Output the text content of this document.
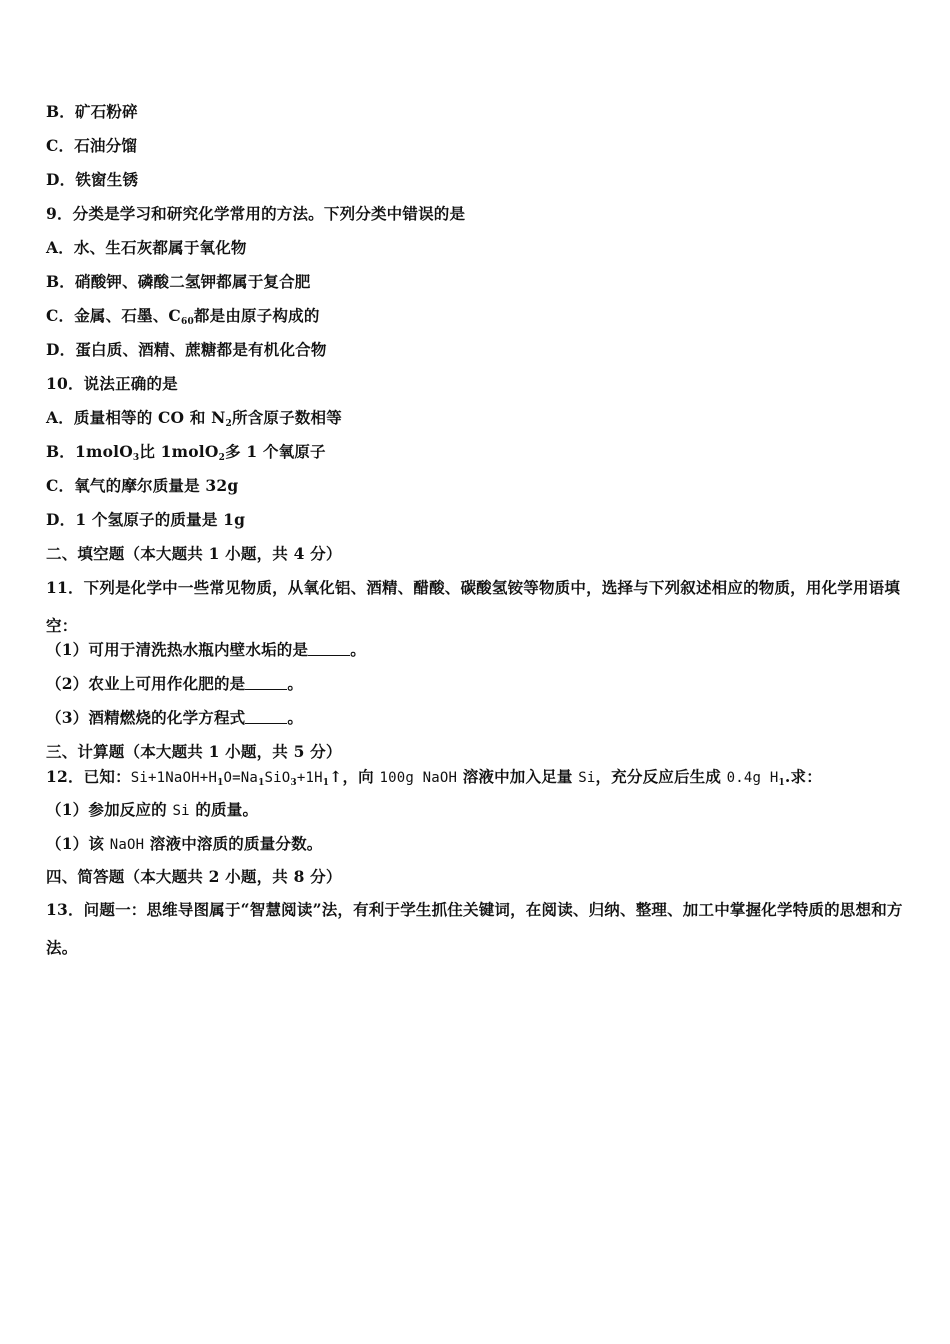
B．矿石粉碎
C．石油分馏
D．铁窗生锈
9．分类是学习和研究化学常用的方法。下列分类中错误的是
A．水、生石灰都属于氧化物
B．硝酸钾、磷酸二氢钾都属于复合肥
C．金属、石墨、$C_{60}$都是由原子构成的
D．蛋白质、酒精、蔗糖都是有机化合物
10．说法正确的是
A．质量相等的 CO 和 $N_2$所含原子数相等
B．1molO$_3$比 1molO$_2$多 1 个氧原子
C．氧气的摩尔质量是 32g
D．1 个氢原子的质量是 1g
二、填空题（本大题共 1 小题，共 4 分）
11．下列是化学中一些常见物质，从氧化铝、酒精、醋酸、碳酸氢铵等物质中，选择与下列叙述相应的物质，用化学用语填空：
（1）可用于清洗热水瓶内壁水垢的是	。
（2）农业上可用作化肥的是	。
（3）酒精燃烧的化学方程式	。
三、计算题（本大题共 1 小题，共 5 分）
12．已知：$Si+1NaOH+H_1O=Na_1SiO_3+1H_1↑$，向 100g NaOH 溶液中加入足量 Si，充分反应后生成 0.4g $H_1$.求：
（1）参加反应的 Si 的质量。
（1）该 NaOH 溶液中溶质的质量分数。
四、简答题（本大题共 2 小题，共 8 分）
13．问题一：思维导图属于“智慧阅读”法，有利于学生抓住关键词，在阅读、归纳、整理、加工中掌握化学特质的思想和方法。
